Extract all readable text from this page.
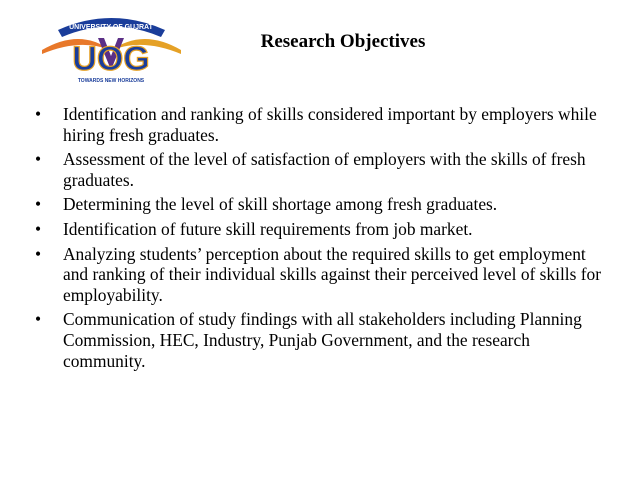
UNIVERSITY OF GUJRAT
UOG
TOWARDS NEW HORIZONS
Research Objectives
• Identification and ranking of skills considered important by employers while hiring fresh graduates.
• Assessment of the level of satisfaction of employers with the skills of fresh graduates.
• Determining the level of skill shortage among fresh graduates.
• Identification of future skill requirements from job market.
• Analyzing students’ perception about the required skills to get employment and ranking of their individual skills against their perceived level of skills for employability.
• Communication of study findings with all stakeholders including Planning Commission, HEC, Industry, Punjab Government, and the research community.
